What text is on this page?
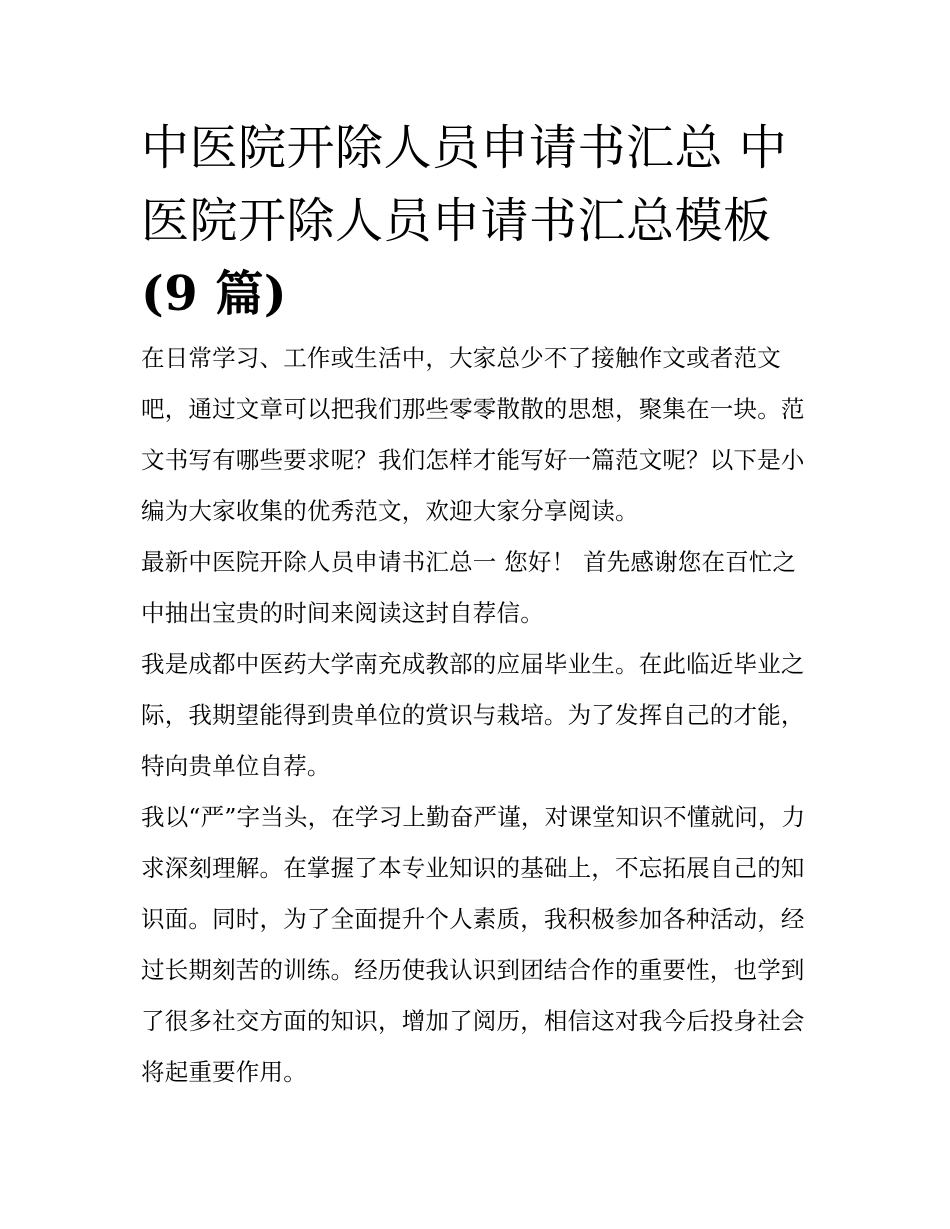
中医院开除人员申请书汇总 中
医院开除人员申请书汇总模板
(9 篇)

在日常学习、工作或生活中，大家总少不了接触作文或者范文吧，通过文章可以把我们那些零零散散的思想，聚集在一块。范文书写有哪些要求呢？我们怎样才能写好一篇范文呢？以下是小编为大家收集的优秀范文，欢迎大家分享阅读。

最新中医院开除人员申请书汇总一 您好！ 首先感谢您在百忙之中抽出宝贵的时间来阅读这封自荐信。

我是成都中医药大学南充成教部的应届毕业生。在此临近毕业之际，我期望能得到贵单位的赏识与栽培。为了发挥自己的才能，特向贵单位自荐。

我以“严”字当头，在学习上勤奋严谨，对课堂知识不懂就问，力求深刻理解。在掌握了本专业知识的基础上，不忘拓展自己的知识面。同时，为了全面提升个人素质，我积极参加各种活动，经过长期刻苦的训练。经历使我认识到团结合作的重要性，也学到了很多社交方面的知识，增加了阅历，相信这对我今后投身社会将起重要作用。
